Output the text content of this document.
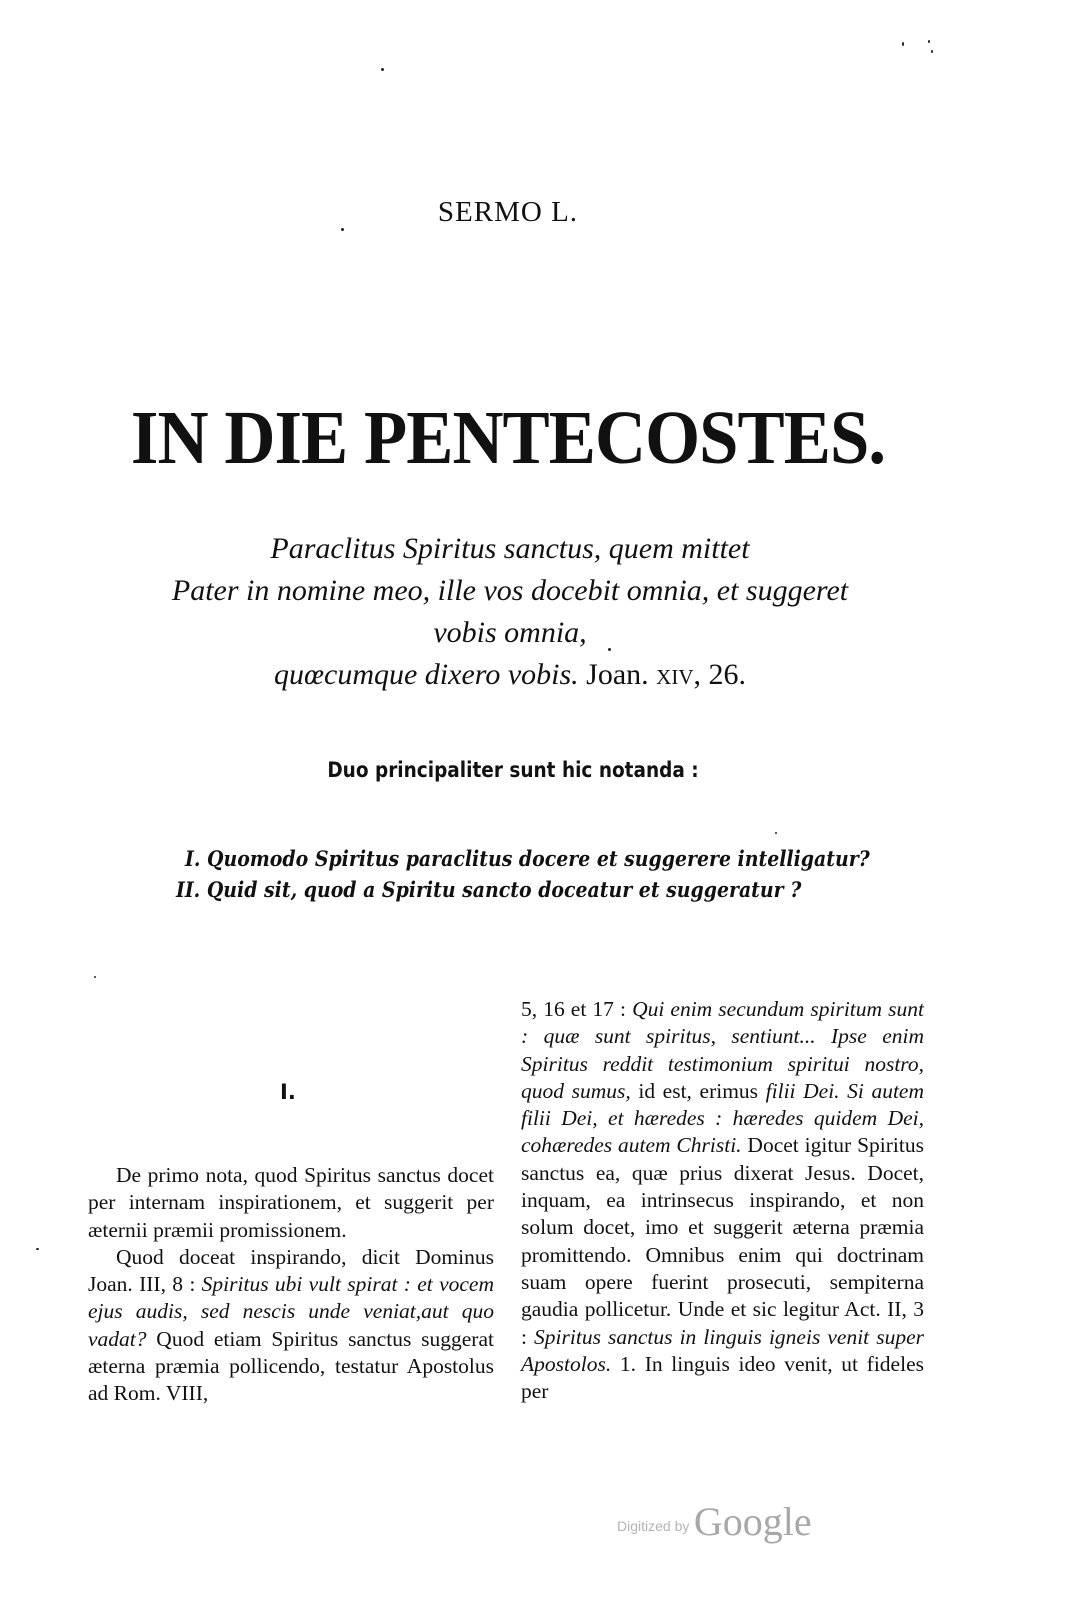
SERMO L.
IN DIE PENTECOSTES.
Paraclitus Spiritus sanctus, quem mittet
Pater in nomine meo, ille vos docebit omnia, et suggeret
vobis omnia,
quœcumque dixero vobis. Joan. xiv, 26.
Duo principaliter sunt hic notanda :
I. Quomodo Spiritus paraclitus docere et suggerere intelligatur?
II. Quid sit, quod a Spiritu sancto doceatur et suggeratur ?
I.

De primo nota, quod Spiritus sanctus docet per internam inspirationem, et suggerit per æternii præmii promissionem.

Quod doceat inspirando, dicit Dominus Joan. III, 8 : Spiritus ubi vult spirat : et vocem ejus audis, sed nescis unde veniat,aut quo vadat? Quod etiam Spiritus sanctus suggerat æterna præmia pollicendo, testatur Apostolus ad Rom. VIII,

5, 16 et 17 : Qui enim secundum spiritum sunt : quæ sunt spiritus, sentiunt... Ipse enim Spiritus reddit testimonium spiritui nostro, quod sumus, id est, erimus filii Dei. Si autem filii Dei, et hæredes : hæredes quidem Dei, cohæredes autem Christi. Docet igitur Spiritus sanctus ea, quæ prius dixerat Jesus. Docet, inquam, ea intrinsecus inspirando, et non solum docet, imo et suggerit æterna præmia promittendo. Omnibus enim qui doctrinam suam opere fuerint prosecuti, sempiterna gaudia pollicetur. Unde et sic legitur Act. II, 3 : Spiritus sanctus in linguis igneis venit super Apostolos. 1. In linguis ideo venit, ut fideles per

Digitized by Google
